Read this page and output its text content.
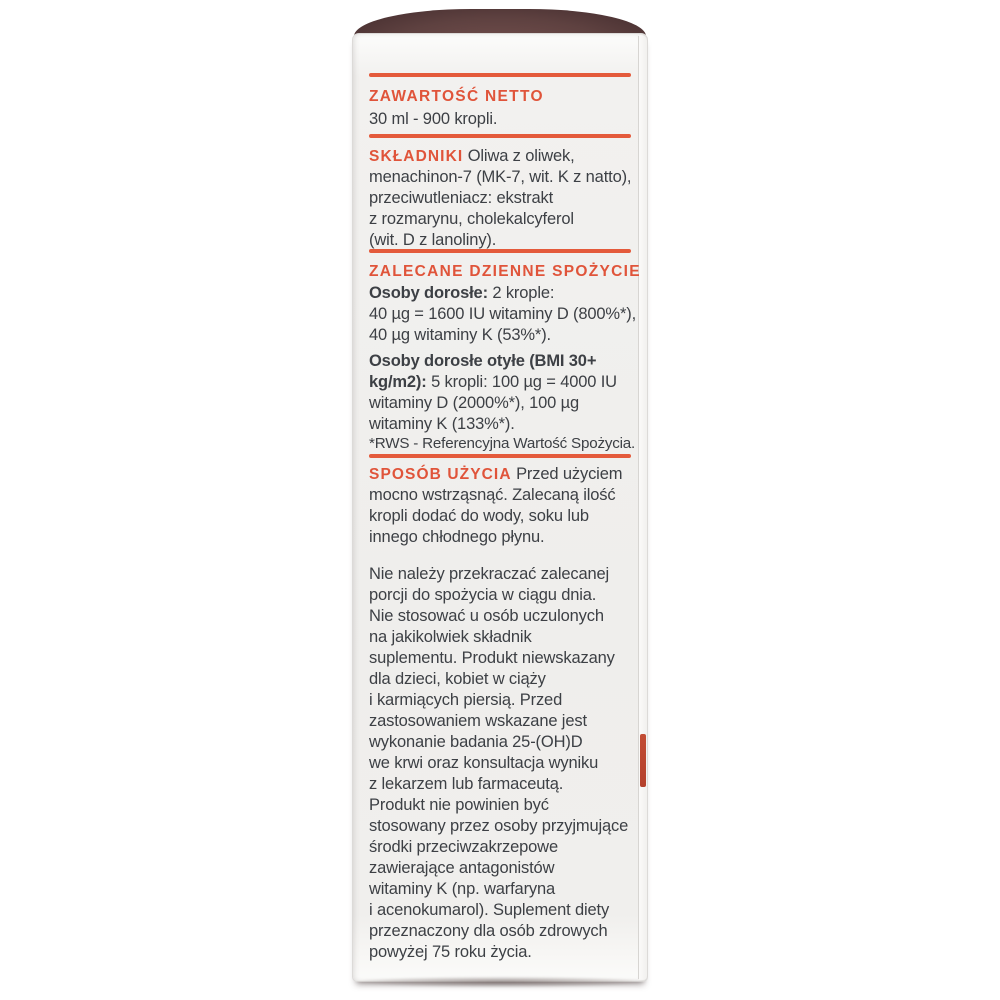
ZAWARTOŚĆ NETTO
30 ml - 900 kropli.
SKŁADNIKI Oliwa z oliwek,
menachinon-7 (MK-7, wit. K z natto),
przeciwutleniacz: ekstrakt
z rozmarynu, cholekalcyferol
(wit. D z lanoliny).
ZALECANE DZIENNE SPOŻYCIE
Osoby dorosłe: 2 krople:
40 µg = 1600 IU witaminy D (800%*),
40 µg witaminy K (53%*).
Osoby dorosłe otyłe (BMI 30+
kg/m2): 5 kropli: 100 µg = 4000 IU
witaminy D (2000%*), 100 µg
witaminy K (133%*).
*RWS - Referencyjna Wartość Spożycia.
SPOSÓB UŻYCIA Przed użyciem
mocno wstrząsnąć. Zalecaną ilość
kropli dodać do wody, soku lub
innego chłodnego płynu.
Nie należy przekraczać zalecanej
porcji do spożycia w ciągu dnia.
Nie stosować u osób uczulonych
na jakikolwiek składnik
suplementu. Produkt niewskazany
dla dzieci, kobiet w ciąży
i karmiących piersią. Przed
zastosowaniem wskazane jest
wykonanie badania 25-(OH)D
we krwi oraz konsultacja wyniku
z lekarzem lub farmaceutą.
Produkt nie powinien być
stosowany przez osoby przyjmujące
środki przeciwzakrzepowe
zawierające antagonistów
witaminy K (np. warfaryna
i acenokumarol). Suplement diety
przeznaczony dla osób zdrowych
powyżej 75 roku życia.
